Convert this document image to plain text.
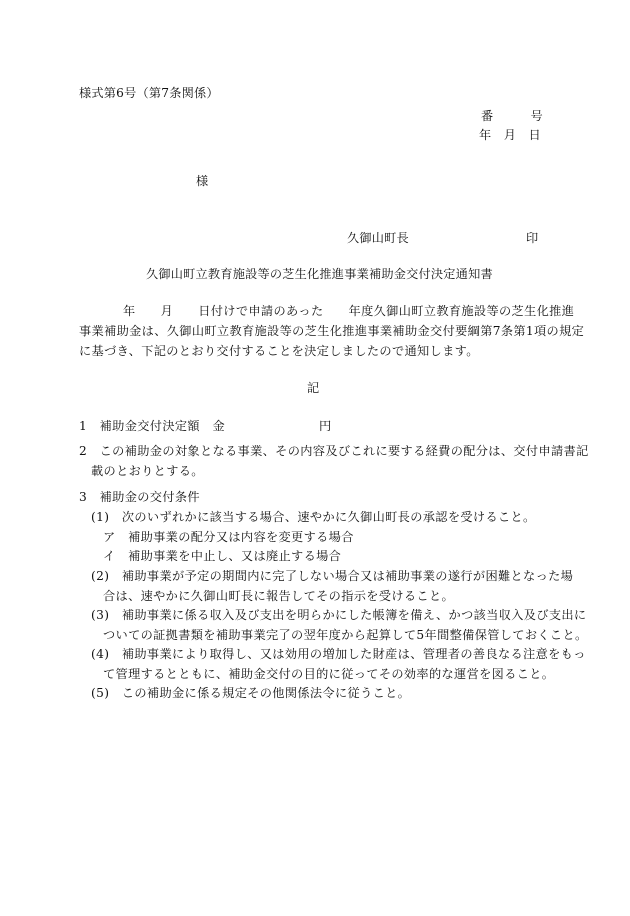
様式第6号（第7条関係）
番　　　号
年　月　日
様
久御山町長	印
久御山町立教育施設等の芝生化推進事業補助金交付決定通知書
年　　月　　日付けで申請のあった　　年度久御山町立教育施設等の芝生化推進
事業補助金は、久御山町立教育施設等の芝生化推進事業補助金交付要綱第7条第1項の規定
に基づき、下記のとおり交付することを決定しましたので通知します。
記
1　補助金交付決定額　金	円
2　この補助金の対象となる事業、その内容及びこれに要する経費の配分は、交付申請書記
載のとおりとする。
3　補助金の交付条件
(1)　次のいずれかに該当する場合、速やかに久御山町長の承認を受けること。
ア　補助事業の配分又は内容を変更する場合
イ　補助事業を中止し、又は廃止する場合
(2)　補助事業が予定の期間内に完了しない場合又は補助事業の遂行が困難となった場
合は、速やかに久御山町長に報告してその指示を受けること。
(3)　補助事業に係る収入及び支出を明らかにした帳簿を備え、かつ該当収入及び支出に
ついての証拠書類を補助事業完了の翌年度から起算して5年間整備保管しておくこと。
(4)　補助事業により取得し、又は効用の増加した財産は、管理者の善良なる注意をもっ
て管理するとともに、補助金交付の目的に従ってその効率的な運営を図ること。
(5)　この補助金に係る規定その他関係法令に従うこと。
